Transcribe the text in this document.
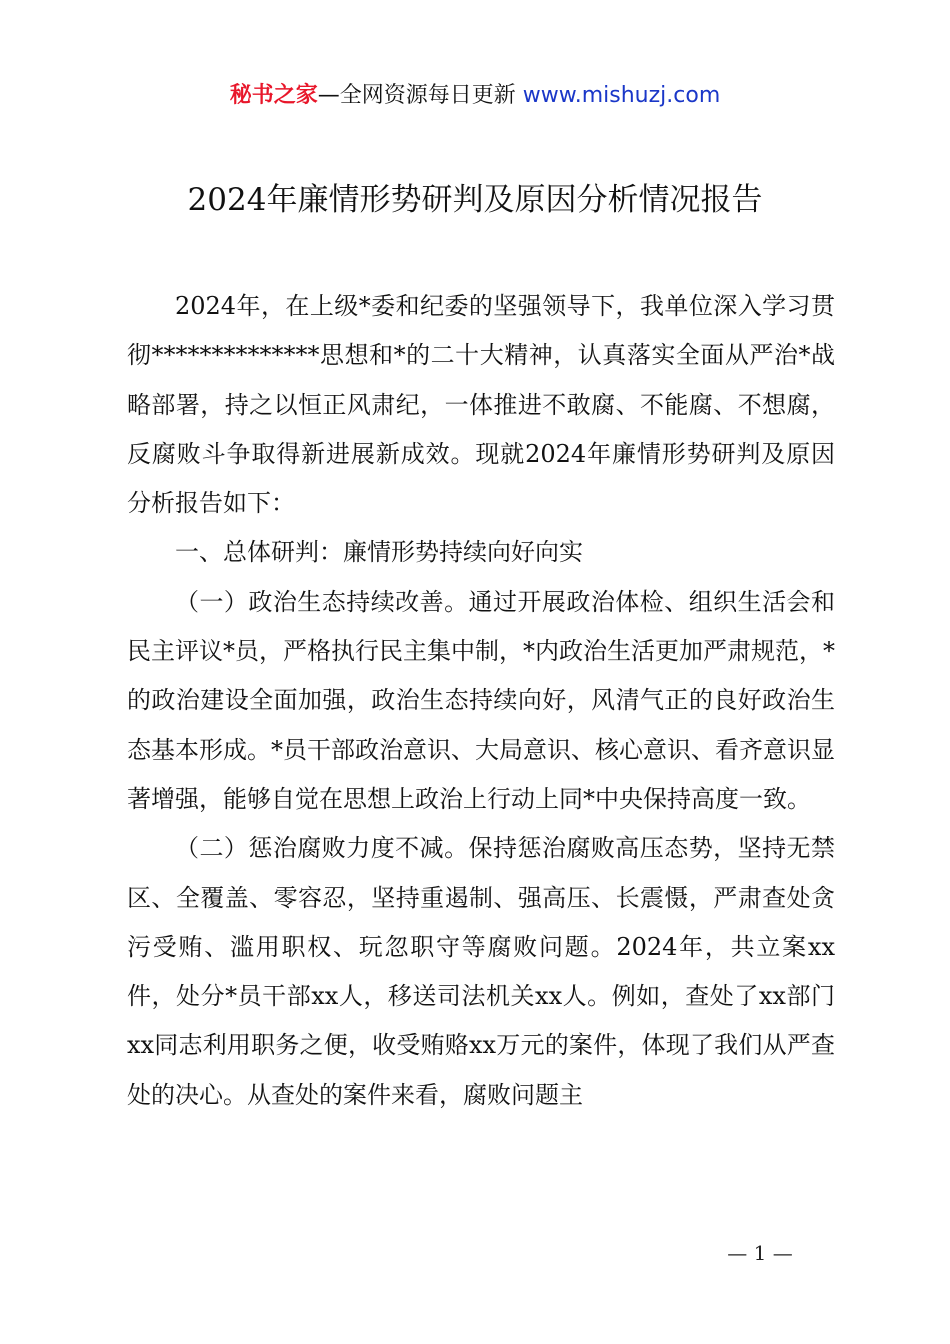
秘书之家—全网资源每日更新 www.mishuzj.com
2024年廉情形势研判及原因分析情况报告

2024年，在上级*委和纪委的坚强领导下，我单位深入学习贯彻**************思想和*的二十大精神，认真落实全面从严治*战略部署，持之以恒正风肃纪，一体推进不敢腐、不能腐、不想腐，反腐败斗争取得新进展新成效。现就2024年廉情形势研判及原因分析报告如下：

一、总体研判：廉情形势持续向好向实

（一）政治生态持续改善。通过开展政治体检、组织生活会和民主评议*员，严格执行民主集中制，*内政治生活更加严肃规范，*的政治建设全面加强，政治生态持续向好，风清气正的良好政治生态基本形成。*员干部政治意识、大局意识、核心意识、看齐意识显著增强，能够自觉在思想上政治上行动上同*中央保持高度一致。

（二）惩治腐败力度不减。保持惩治腐败高压态势，坚持无禁区、全覆盖、零容忍，坚持重遏制、强高压、长震慑，严肃查处贪污受贿、滥用职权、玩忽职守等腐败问题。2024年，共立案xx件，处分*员干部xx人，移送司法机关xx人。例如，查处了xx部门xx同志利用职务之便，收受贿赂xx万元的案件，体现了我们从严查处的决心。从查处的案件来看，腐败问题主

— 1 —
